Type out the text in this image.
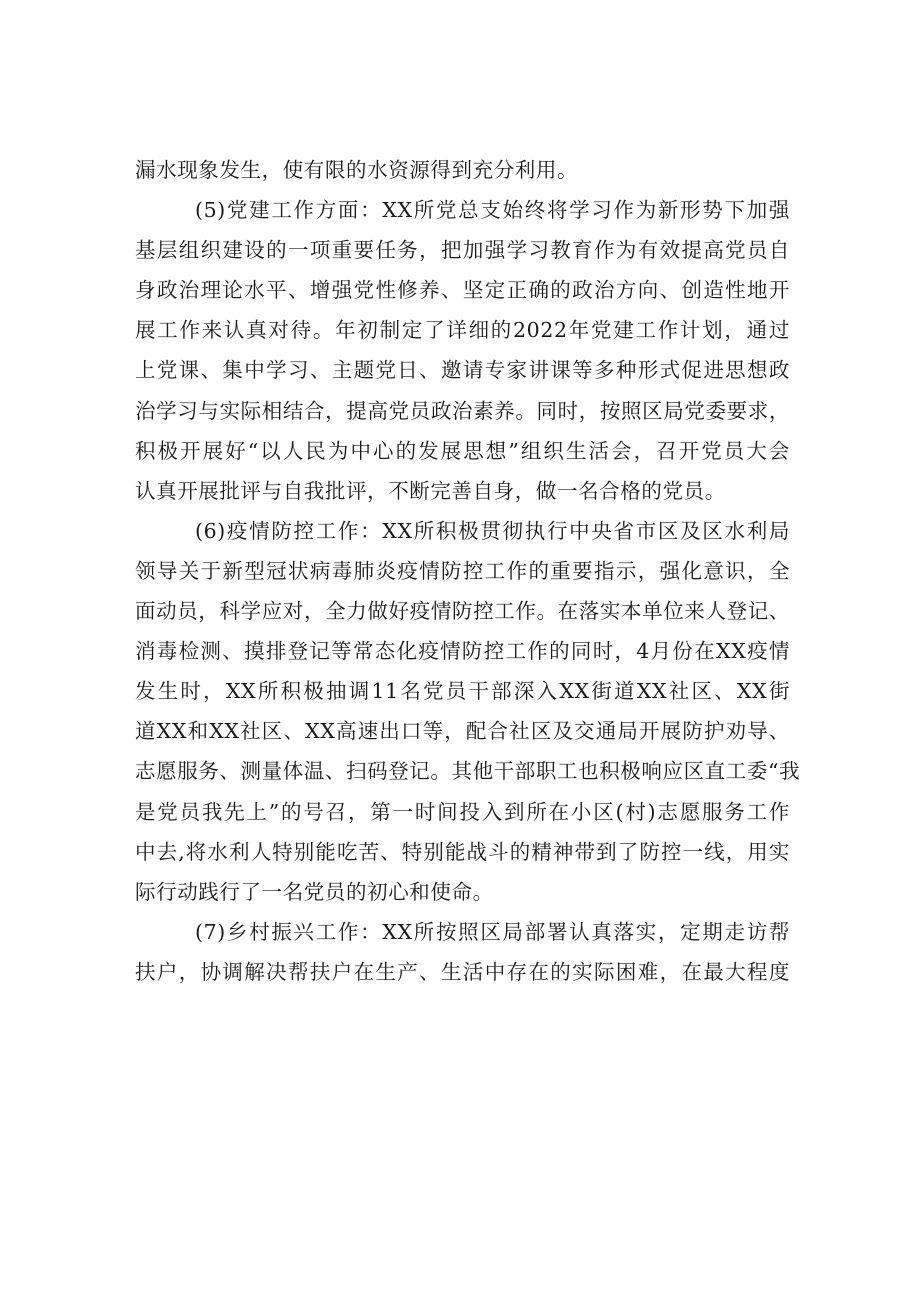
漏水现象发生，使有限的水资源得到充分利用。
(5)党建工作方面：XX所党总支始终将学习作为新形势下加强
基层组织建设的一项重要任务，把加强学习教育作为有效提高党员自
身政治理论水平、增强党性修养、坚定正确的政治方向、创造性地开
展工作来认真对待。年初制定了详细的2022年党建工作计划，通过
上党课、集中学习、主题党日、邀请专家讲课等多种形式促进思想政
治学习与实际相结合，提高党员政治素养。同时，按照区局党委要求，
积极开展好“以人民为中心的发展思想”组织生活会，召开党员大会
认真开展批评与自我批评，不断完善自身，做一名合格的党员。
(6)疫情防控工作：XX所积极贯彻执行中央省市区及区水利局
领导关于新型冠状病毒肺炎疫情防控工作的重要指示，强化意识，全
面动员，科学应对，全力做好疫情防控工作。在落实本单位来人登记、
消毒检测、摸排登记等常态化疫情防控工作的同时，4月份在XX疫情
发生时，XX所积极抽调11名党员干部深入XX街道XX社区、XX街
道XX和XX社区、XX高速出口等，配合社区及交通局开展防护劝导、
志愿服务、测量体温、扫码登记。其他干部职工也积极响应区直工委“我
是党员我先上”的号召，第一时间投入到所在小区(村)志愿服务工作
中去,将水利人特别能吃苦、特别能战斗的精神带到了防控一线，用实
际行动践行了一名党员的初心和使命。
(7)乡村振兴工作：XX所按照区局部署认真落实，定期走访帮
扶户，协调解决帮扶户在生产、生活中存在的实际困难，在最大程度
